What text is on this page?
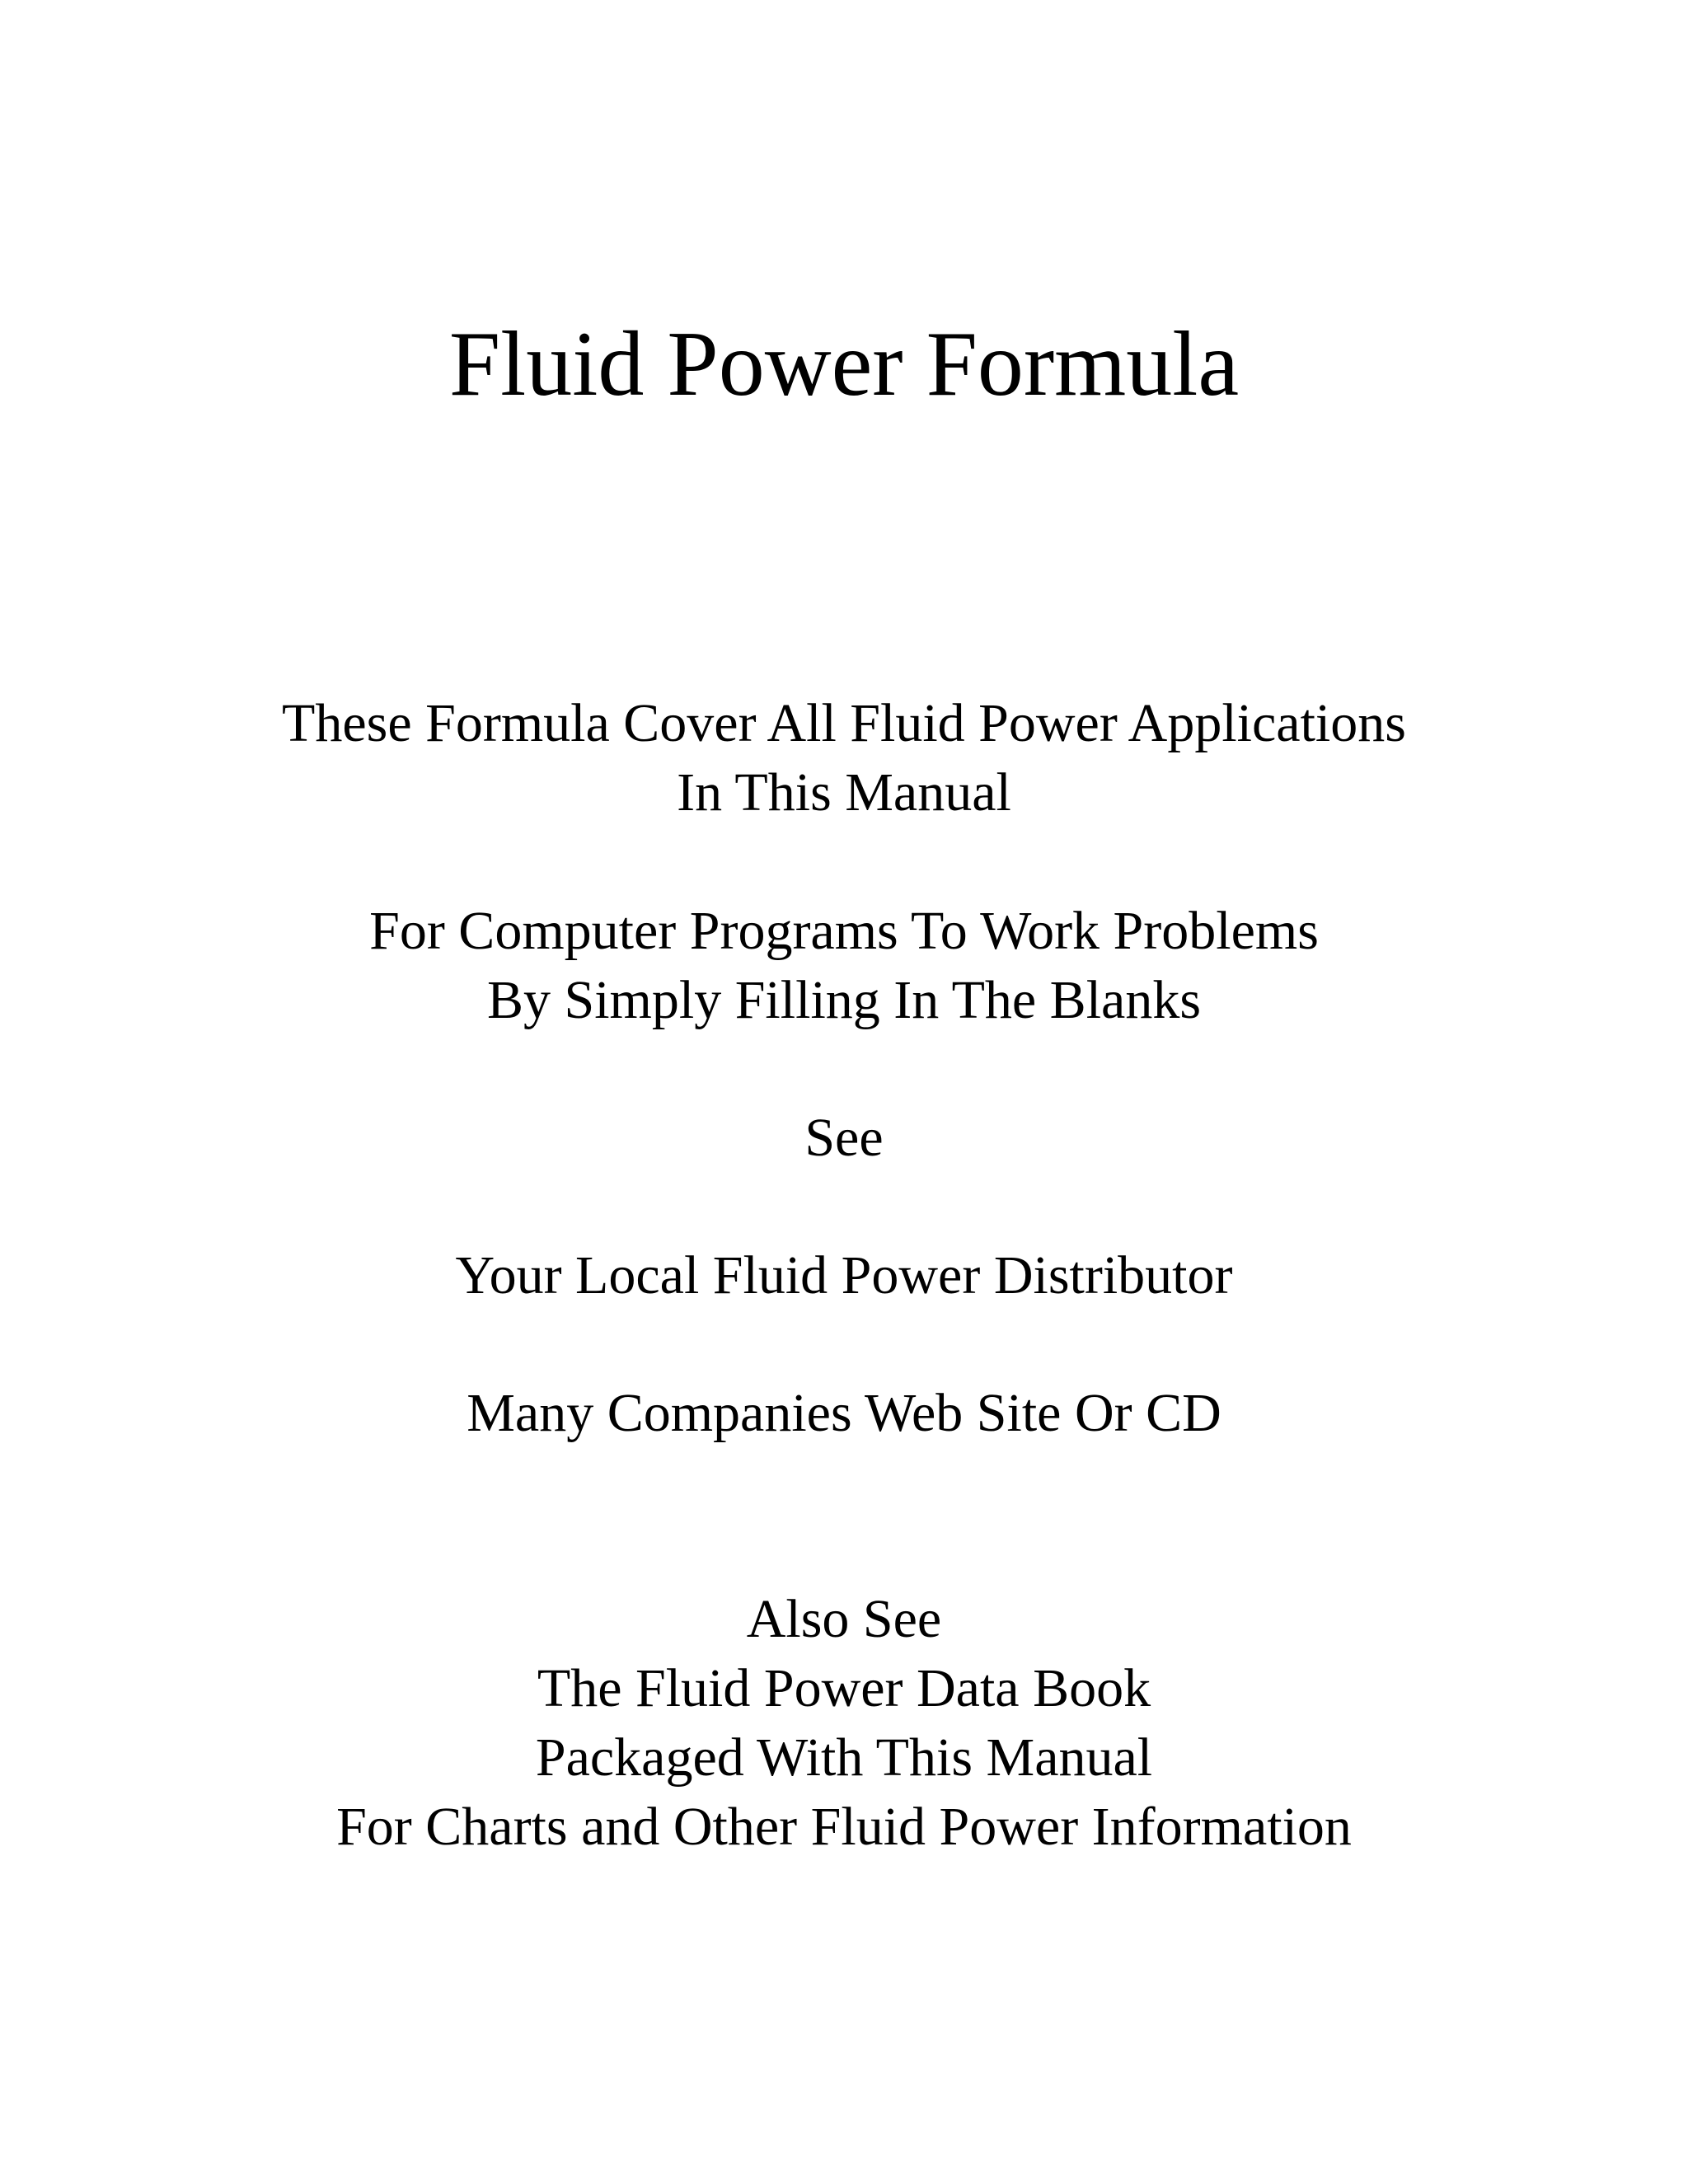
Fluid Power Formula
These Formula Cover All Fluid Power Applications
In This Manual
For Computer Programs To Work Problems
By Simply Filling In The Blanks
See
Your Local Fluid Power Distributor
Many Companies Web Site Or CD
Also See
The Fluid Power Data Book
Packaged With This Manual
For Charts and Other Fluid Power Information
